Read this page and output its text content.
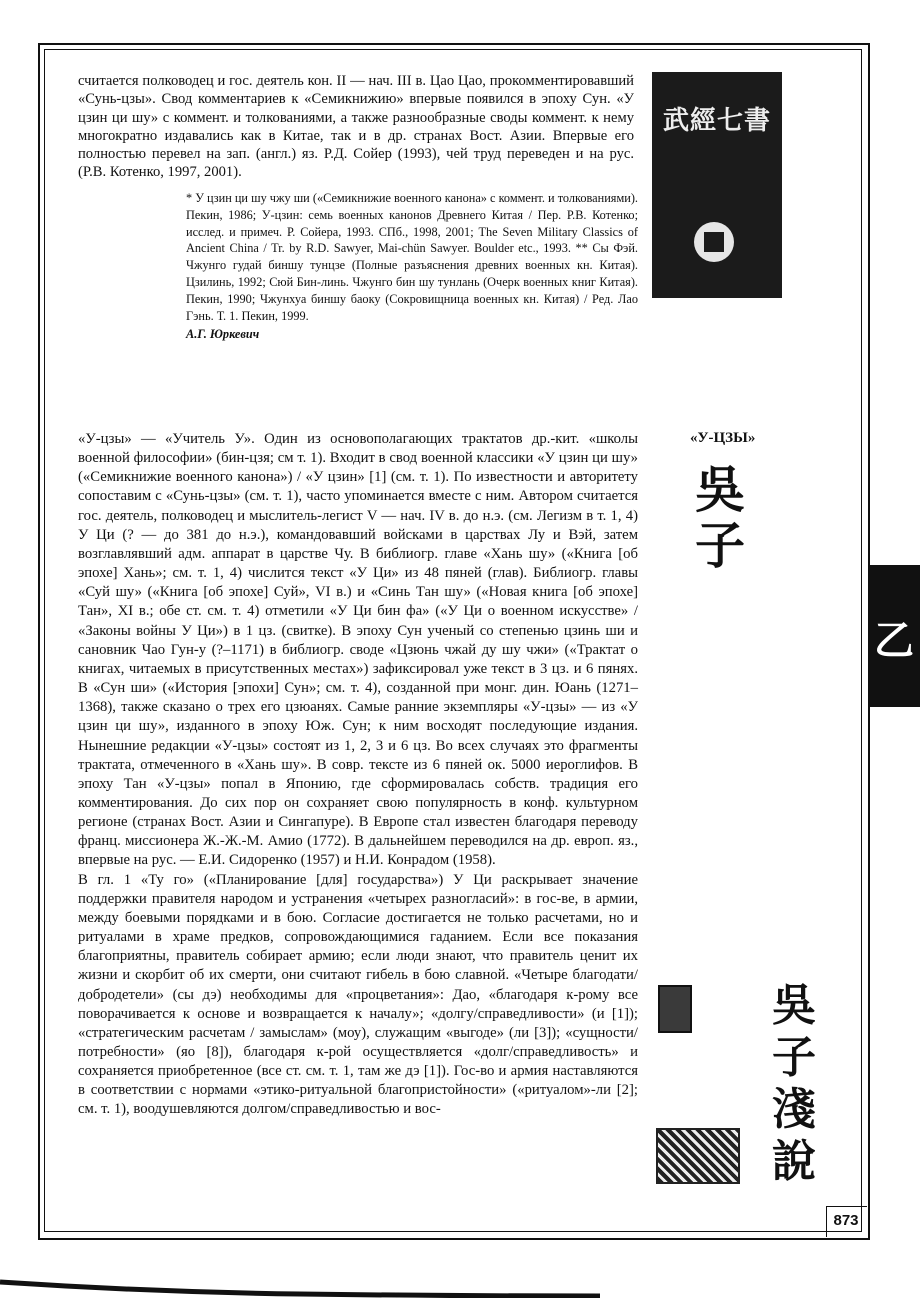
считается полководец и гос. деятель кон. II — нач. III в. Цао Цао, прокомментировавший «Сунь-цзы». Свод комментариев к «Семикнижию» впервые появился в эпоху Сун. «У цзин ци шу» с коммент. и толкованиями, а также разнообразные своды коммент. к нему многократно издавались как в Китае, так и в др. странах Вост. Азии. Впервые его полностью перевел на зап. (англ.) яз. Р.Д. Сойер (1993), чей труд переведен и на рус. (Р.В. Котенко, 1997, 2001).
* У цзин ци шу чжу ши («Семикнижие военного канона» с коммент. и толкованиями). Пекин, 1986; У-цзин: семь военных канонов Древнего Китая / Пер. Р.В. Котенко; исслед. и примеч. Р. Сойера, 1993. СПб., 1998, 2001; The Seven Military Classics of Ancient China / Tr. by R.D. Sawyer, Mai-chün Sawyer. Boulder etc., 1993. ** Сы Фэй. Чжунго гудай биншу тунцзе (Полные разъяснения древних военных кн. Китая). Цзилинь, 1992; Сюй Бин-линь. Чжунго бин шу тунлань (Очерк военных книг Китая). Пекин, 1990; Чжунхуа биншу баоку (Сокровищница военных кн. Китая) / Ред. Лао Гэнь. Т. 1. Пекин, 1999.
А.Г. Юркевич
武經七書

«У-цзы» — «Учитель У». Один из основополагающих трактатов др.-кит. «школы военной философии» (бин-цзя; см т. 1). Входит в свод военной классики «У цзин ци шу» («Семикнижие военного канона») / «У цзин» [1] (см. т. 1). По известности и авторитету сопоставим с «Сунь-цзы» (см. т. 1), часто упоминается вместе с ним. Автором считается гос. деятель, полководец и мыслитель-легист V — нач. IV в. до н.э. (см. Легизм в т. 1, 4) У Ци (? — до 381 до н.э.), командовавший войсками в царствах Лу и Вэй, затем возглавлявший адм. аппарат в царстве Чу. В библиогр. главе «Хань шу» («Книга [об эпохе] Хань»; см. т. 1, 4) числится текст «У Ци» из 48 пяней (глав). Библиогр. главы «Суй шу» («Книга [об эпохе] Суй», VI в.) и «Синь Тан шу» («Новая книга [об эпохе] Тан», XI в.; обе ст. см. т. 4) отметили «У Ци бин фа» («У Ци о военном искусстве» / «Законы войны У Ци») в 1 цз. (свитке). В эпоху Сун ученый со степенью цзинь ши и сановник Чао Гун-у (?–1171) в библиогр. своде «Цзюнь чжай ду шу чжи» («Трактат о книгах, читаемых в присутственных местах») зафиксировал уже текст в 3 цз. и 6 пянях. В «Сун ши» («История [эпохи] Сун»; см. т. 4), созданной при монг. дин. Юань (1271–1368), также сказано о трех его цзюанях. Самые ранние экземпляры «У-цзы» — из «У цзин ци шу», изданного в эпоху Юж. Сун; к ним восходят последующие издания. Нынешние редакции «У-цзы» состоят из 1, 2, 3 и 6 цз. Во всех случаях это фрагменты трактата, отмеченного в «Хань шу». В совр. тексте из 6 пяней ок. 5000 иероглифов. В эпоху Тан «У-цзы» попал в Японию, где сформировалась собств. традиция его комментирования. До сих пор он сохраняет свою популярность в конф. культурном регионе (странах Вост. Азии и Сингапуре). В Европе стал известен благодаря переводу франц. миссионера Ж.-Ж.-М. Амио (1772). В дальнейшем переводился на др. европ. яз., впервые на рус. — Е.И. Сидоренко (1957) и Н.И. Конрадом (1958).

В гл. 1 «Ту го» («Планирование [для] государства») У Ци раскрывает значение поддержки правителя народом и устранения «четырех разногласий»: в гос-ве, в армии, между боевыми порядками и в бою. Согласие достигается не только расчетами, но и ритуалами в храме предков, сопровождающимися гаданием. Если все показания благоприятны, правитель собирает армию; если люди знают, что правитель ценит их жизни и скорбит об их смерти, они считают гибель в бою славной. «Четыре благодати/добродетели» (сы дэ) необходимы для «процветания»: Дао, «благодаря к-рому все поворачивается к основе и возвращается к началу»; «долгу/справедливости» (и [1]); «стратегическим расчетам / замыслам» (моу), служащим «выгоде» (ли [3]); «сущности/потребности» (яо [8]), благодаря к-рой осуществляется «долг/справедливость» и сохраняется приобретенное (все ст. см. т. 1, там же дэ [1]). Гос-во и армия наставляются в соответствии с нормами «этико-ритуальной благопристойности» («ритуалом»-ли [2]; см. т. 1), воодушевляются долгом/справедливостью и вос-

«У-ЦЗЫ»
吳
子
乙
吳
子
淺
說
873
